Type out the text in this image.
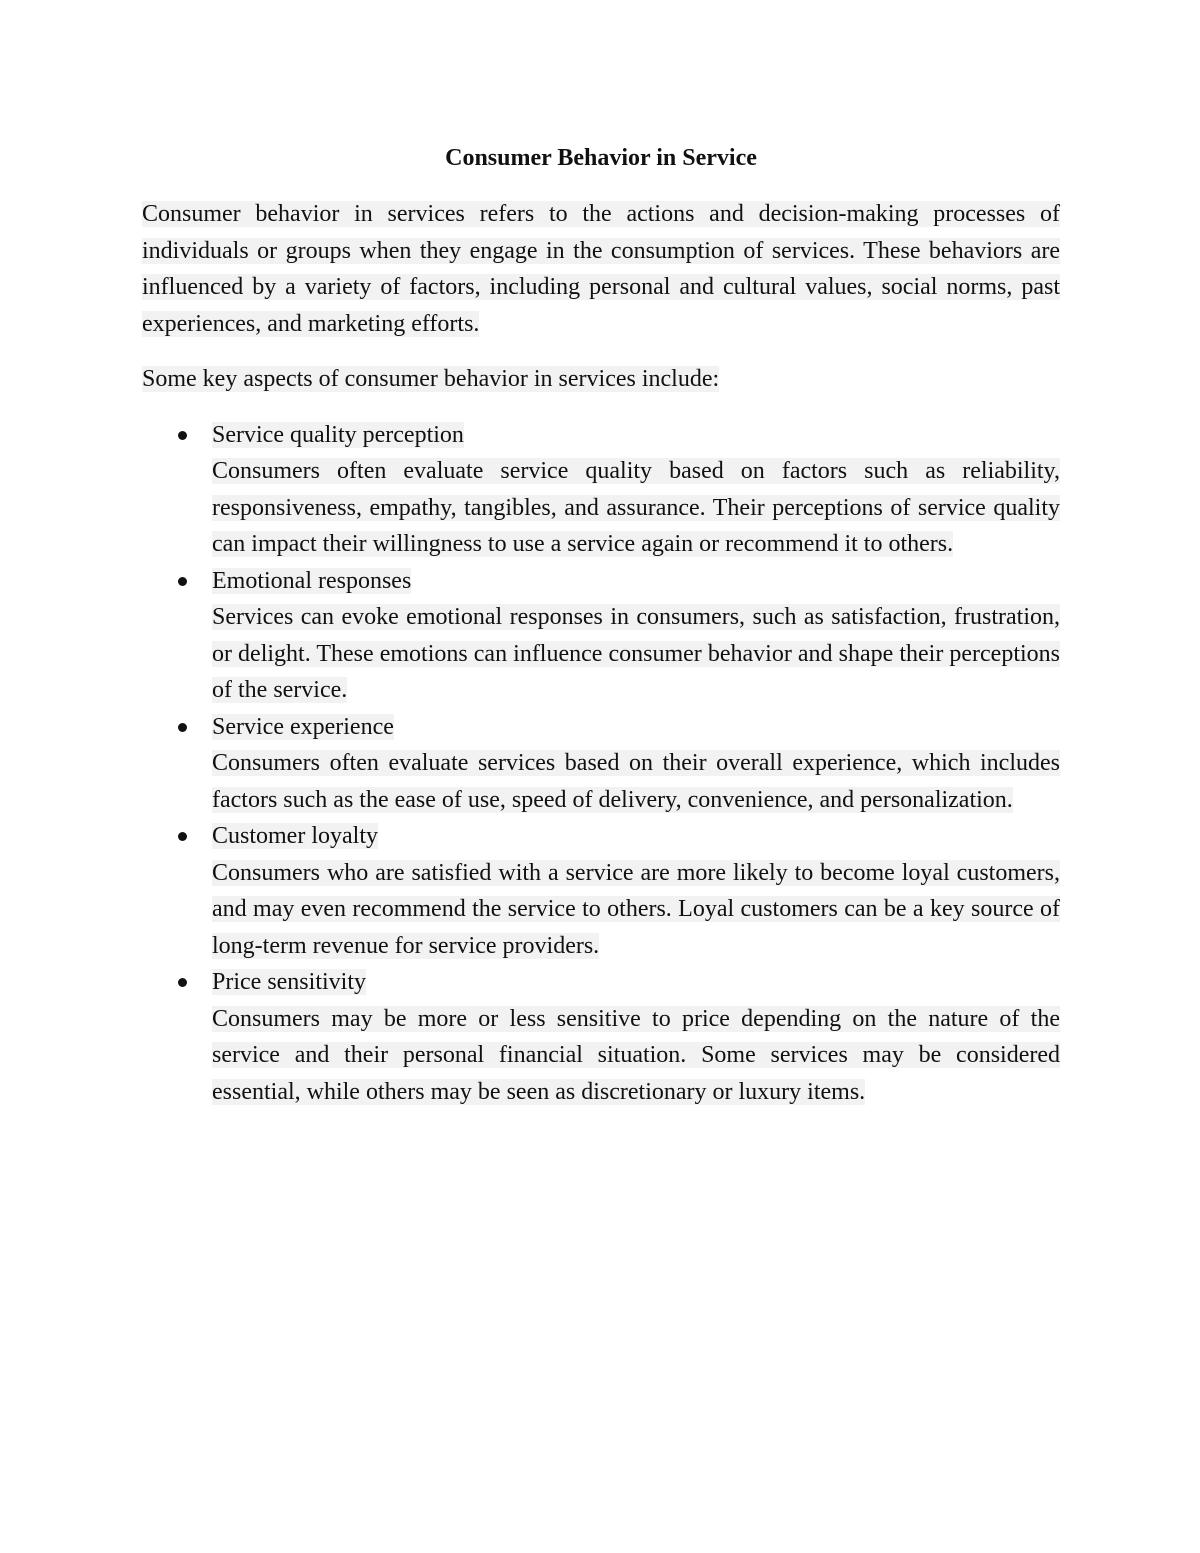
Consumer Behavior in Service

Consumer behavior in services refers to the actions and decision-making processes of individuals or groups when they engage in the consumption of services. These behaviors are influenced by a variety of factors, including personal and cultural values, social norms, past experiences, and marketing efforts.

Some key aspects of consumer behavior in services include:

Service quality perception
Consumers often evaluate service quality based on factors such as reliability, responsiveness, empathy, tangibles, and assurance. Their perceptions of service quality can impact their willingness to use a service again or recommend it to others.
Emotional responses
Services can evoke emotional responses in consumers, such as satisfaction, frustration, or delight. These emotions can influence consumer behavior and shape their perceptions of the service.
Service experience
Consumers often evaluate services based on their overall experience, which includes factors such as the ease of use, speed of delivery, convenience, and personalization.
Customer loyalty
Consumers who are satisfied with a service are more likely to become loyal customers, and may even recommend the service to others. Loyal customers can be a key source of long-term revenue for service providers.
Price sensitivity
Consumers may be more or less sensitive to price depending on the nature of the service and their personal financial situation. Some services may be considered essential, while others may be seen as discretionary or luxury items.
